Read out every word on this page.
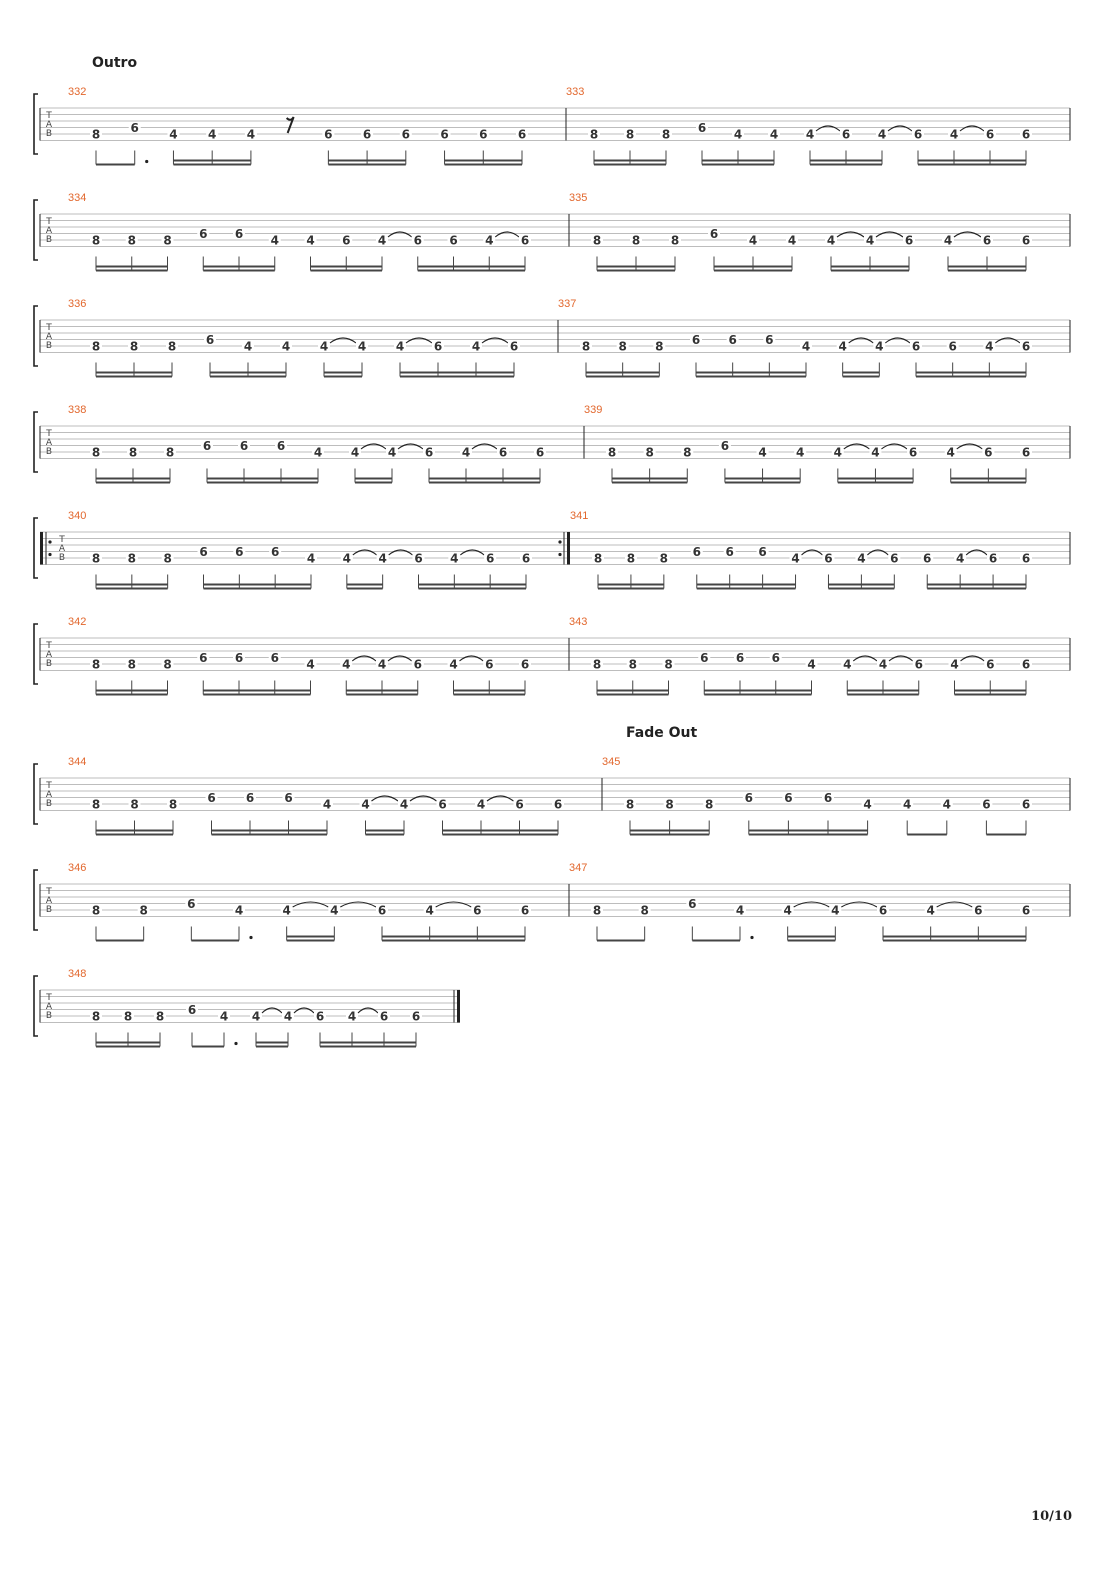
Outro
T
A
B
332
8	6	4	4	4	6	6	6	6	6	6
333
8 8 8 6 4 4 4 6 4 6 4 6 6
T
A
B
334
8 8 8 6 6 4 4 6 4 6 6 4 6
335
8	8	8	6	4	4	4	4	6	4	6	6
T
A
B
336
8 8 8 6 4 4 4 4 4 6 4 6
337
8 8 8 6 6 6 4 4 4 6 6 4 6
T
A
B
338
8 8 8 6 6 6 4 4 4 6 4 6 6
339
8 8 8 6 4 4 4 4 6 4 6 6
T
A
B
340
8 8 8 6 6 6 4 4 4 6 4 6 6
341
8 8 8 6 6 6 4 6 4 6 6 4 6 6
T
A
B
342
8 8 8 6 6 6 4 4 4 6 4 6 6
343
8 8 8 6 6 6 4 4 4 6 4 6 6
Fade Out
T
A
B
344
8	8	8	6	6	6	4	4	4	6	4	6	6
345
8	8	8	6	6	6	4	4	4	6	6
T
A
B
346
8	8	6	4	4	4	6	4	6	6
347
8	8	6	4	4	4	6	4	6	6
T
A
B
348
8 8 8 6 4 4 4 6 4 6 6
10/10
